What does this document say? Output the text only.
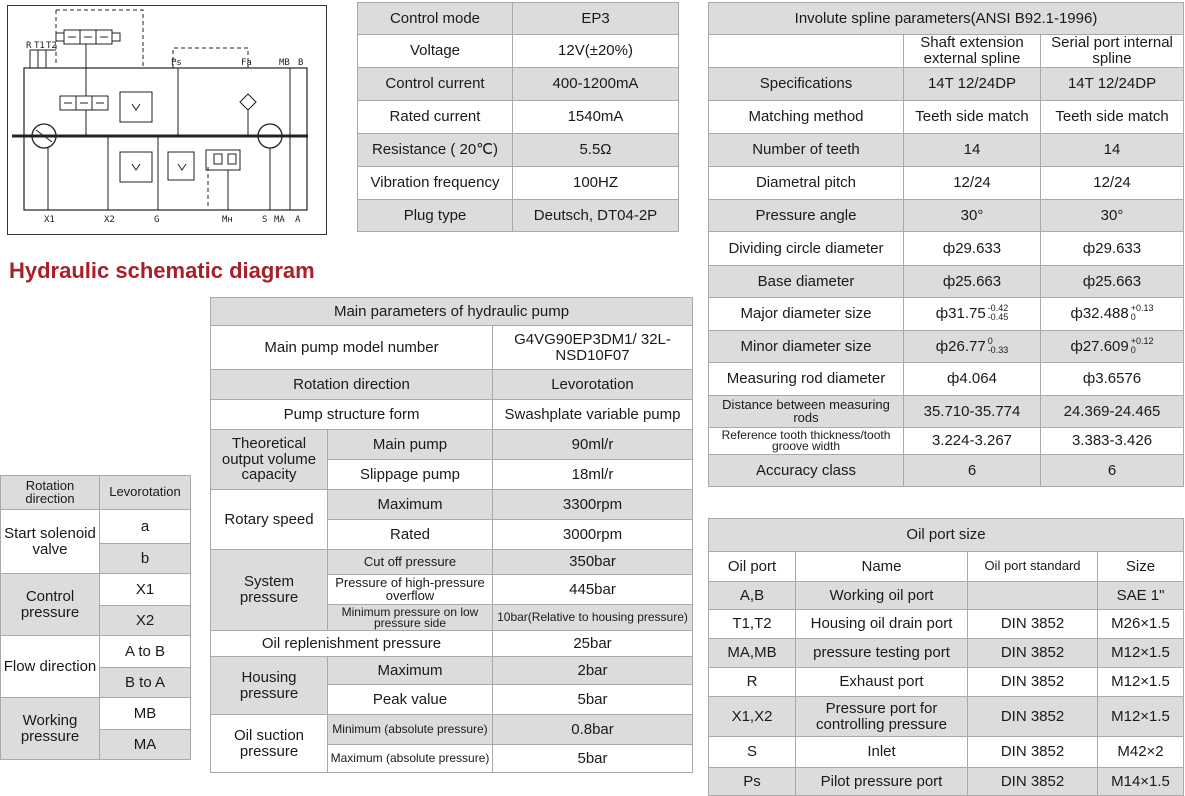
R T1 T2
Ps	Fa	MB B
X1	X2	G	Mн	S MA A
Hydraulic schematic diagram
Control mode	EP3
Voltage	12V(±20%)
Control current	400-1200mA
Rated current	1540mA
Resistance ( 20℃)	5.5Ω
Vibration frequency	100HZ
Plug type	Deutsch, DT04-2P
Involute spline parameters(ANSI B92.1-1996)		
	Shaft extension external spline	Serial port internal spline
Specifications	14T 12/24DP	14T 12/24DP
Matching method	Teeth side match	Teeth side match
Number of teeth	14	14
Diametral pitch	12/24	12/24
Pressure angle	30°	30°
Dividing circle diameter	ф29.633	ф29.633
Base diameter	ф25.663	ф25.663
Major diameter size	ф31.75 $^{-0.42 -0.45}$	ф32.488 $^{+0.13 0}$
Minor diameter size	ф26.77 $^{0 -0.33}$	ф27.609 $^{+0.12 0}$
Measuring rod diameter	ф4.064	ф3.6576
Distance between measuring rods	35.710-35.774	24.369-24.465
Reference tooth thickness/tooth groove width	3.224-3.267	3.383-3.426
Accuracy class	6	6
Main parameters of hydraulic pump		
Main pump model number		G4VG90EP3DM1/ 32L-NSD10F07
Rotation direction		Levorotation
Pump structure form		Swashplate variable pump
Theoretical output volume capacity	Main pump	90ml/r
	Slippage pump	18ml/r
Rotary speed	Maximum	3300rpm
	Rated	3000rpm
System pressure	Cut off pressure	350bar
	Pressure of high-pressure overflow	445bar
	Minimum pressure on low pressure side	10bar(Relative to housing pressure)
Oil replenishment pressure		25bar
Housing pressure	Maximum	2bar
	Peak value	5bar
Oil suction pressure	Minimum (absolute pressure)	0.8bar
	Maximum (absolute pressure)	5bar
Rotation direction	Levorotation
Start solenoid valve	a
	b
Control pressure	X1
	X2
Flow direction	A to B
	B to A
Working pressure	MB
	MA
Oil port size			
Oil port	Name	Oil port standard	Size
A,B	Working oil port		SAE 1"
T1,T2	Housing oil drain port	DIN 3852	M26×1.5
MA,MB	pressure testing port	DIN 3852	M12×1.5
R	Exhaust port	DIN 3852	M12×1.5
X1,X2	Pressure port for controlling pressure	DIN 3852	M12×1.5
S	Inlet	DIN 3852	M42×2
Ps	Pilot pressure port	DIN 3852	M14×1.5
